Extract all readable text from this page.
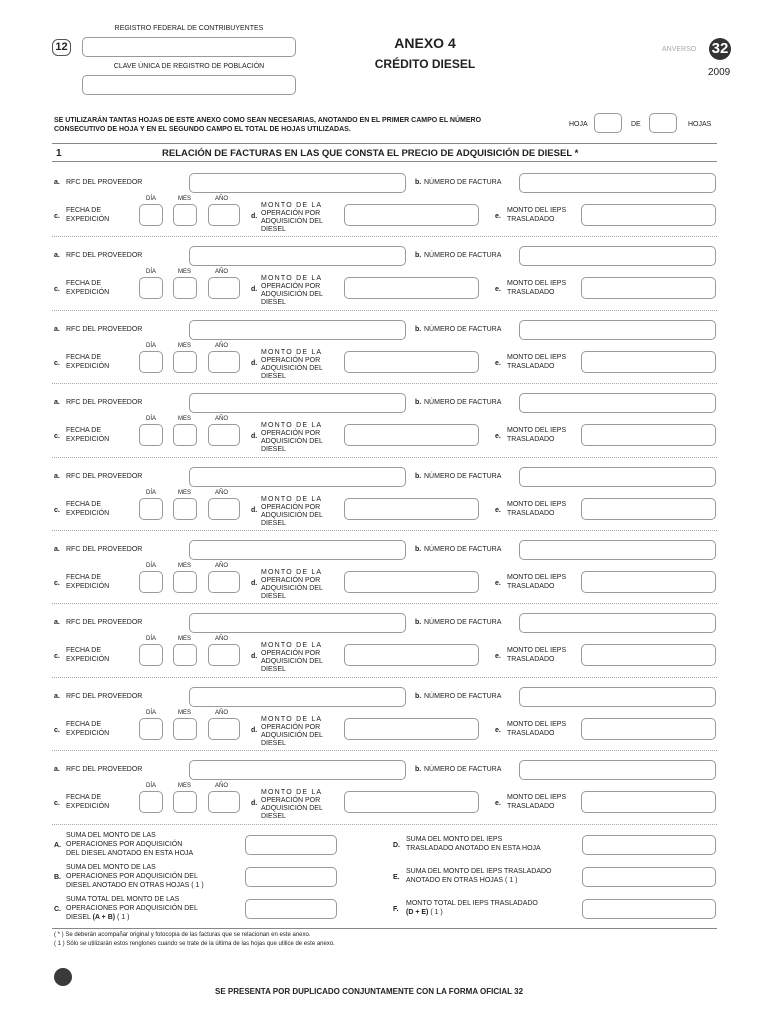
12
REGISTRO FEDERAL DE CONTRIBUYENTES
CLAVE ÚNICA DE REGISTRO DE POBLACIÓN
ANEXO 4
CRÉDITO DIESEL
ANVERSO 32
2009
SE UTILIZARÁN TANTAS HOJAS DE ESTE ANEXO COMO SEAN NECESARIAS, ANOTANDO EN EL PRIMER CAMPO EL NÚMERO CONSECUTIVO DE HOJA Y EN EL SEGUNDO CAMPO EL TOTAL DE HOJAS UTILIZADAS.
HOJA	DE	HOJAS
1	RELACIÓN DE FACTURAS EN LAS QUE CONSTA EL PRECIO DE ADQUISICIÓN DE DIESEL *
a. RFC DEL PROVEEDOR	b. NÚMERO DE FACTURA
DÍA	MES	AÑO
c.
FECHA DE
EXPEDICIÓN	d.
MONTO DE LA
OPERACIÓN POR
ADQUISICIÓN DEL
DIESEL
e.
MONTO DEL IEPS
TRASLADADO
a. RFC DEL PROVEEDOR	b. NÚMERO DE FACTURA
DÍA	MES	AÑO
c.
FECHA DE
EXPEDICIÓN	d.
MONTO DE LA
OPERACIÓN POR
ADQUISICIÓN DEL
DIESEL
e.
MONTO DEL IEPS
TRASLADADO
a. RFC DEL PROVEEDOR	b. NÚMERO DE FACTURA
DÍA	MES	AÑO
c.
FECHA DE
EXPEDICIÓN	d.
MONTO DE LA
OPERACIÓN POR
ADQUISICIÓN DEL
DIESEL
e.
MONTO DEL IEPS
TRASLADADO
a. RFC DEL PROVEEDOR	b. NÚMERO DE FACTURA
DÍA	MES	AÑO
c.
FECHA DE
EXPEDICIÓN	d.
MONTO DE LA
OPERACIÓN POR
ADQUISICIÓN DEL
DIESEL
e.
MONTO DEL IEPS
TRASLADADO
a. RFC DEL PROVEEDOR	b. NÚMERO DE FACTURA
DÍA	MES	AÑO
c.
FECHA DE
EXPEDICIÓN	d.
MONTO DE LA
OPERACIÓN POR
ADQUISICIÓN DEL
DIESEL
e.
MONTO DEL IEPS
TRASLADADO
a. RFC DEL PROVEEDOR	b. NÚMERO DE FACTURA
DÍA	MES	AÑO
c.
FECHA DE
EXPEDICIÓN	d.
MONTO DE LA
OPERACIÓN POR
ADQUISICIÓN DEL
DIESEL
e.
MONTO DEL IEPS
TRASLADADO
a. RFC DEL PROVEEDOR	b. NÚMERO DE FACTURA
DÍA	MES	AÑO
c.
FECHA DE
EXPEDICIÓN	d.
MONTO DE LA
OPERACIÓN POR
ADQUISICIÓN DEL
DIESEL
e.
MONTO DEL IEPS
TRASLADADO
a. RFC DEL PROVEEDOR	b. NÚMERO DE FACTURA
DÍA	MES	AÑO
c.
FECHA DE
EXPEDICIÓN	d.
MONTO DE LA
OPERACIÓN POR
ADQUISICIÓN DEL
DIESEL
e.
MONTO DEL IEPS
TRASLADADO
a. RFC DEL PROVEEDOR	b. NÚMERO DE FACTURA
DÍA	MES	AÑO
c.
FECHA DE
EXPEDICIÓN	d.
MONTO DE LA
OPERACIÓN POR
ADQUISICIÓN DEL
DIESEL
e.
MONTO DEL IEPS
TRASLADADO
A.
SUMA DEL MONTO DE LAS
OPERACIONES POR ADQUISICIÓN
DEL DIESEL ANOTADO EN ESTA HOJA
B.
SUMA DEL MONTO DE LAS
OPERACIONES POR ADQUISICIÓN DEL
DIESEL ANOTADO EN OTRAS HOJAS ( 1 )
C.
SUMA TOTAL DEL MONTO DE LAS
OPERACIONES POR ADQUISICIÓN DEL
DIESEL (A + B) ( 1 )
D.
SUMA DEL MONTO DEL IEPS
TRASLADADO ANOTADO EN ESTA HOJA
E.
SUMA DEL MONTO DEL IEPS TRASLADADO
ANOTADO EN OTRAS HOJAS ( 1 )
F.
MONTO TOTAL DEL IEPS TRASLADADO
(D + E) ( 1 )
( * ) Se deberán acompañar original y fotocopia de las facturas que se relacionan en este anexo.
( 1 ) Sólo se utilizarán estos renglones cuando se trate de la última de las hojas que utilice de este anexo.
SE PRESENTA POR DUPLICADO CONJUNTAMENTE CON LA FORMA OFICIAL 32
